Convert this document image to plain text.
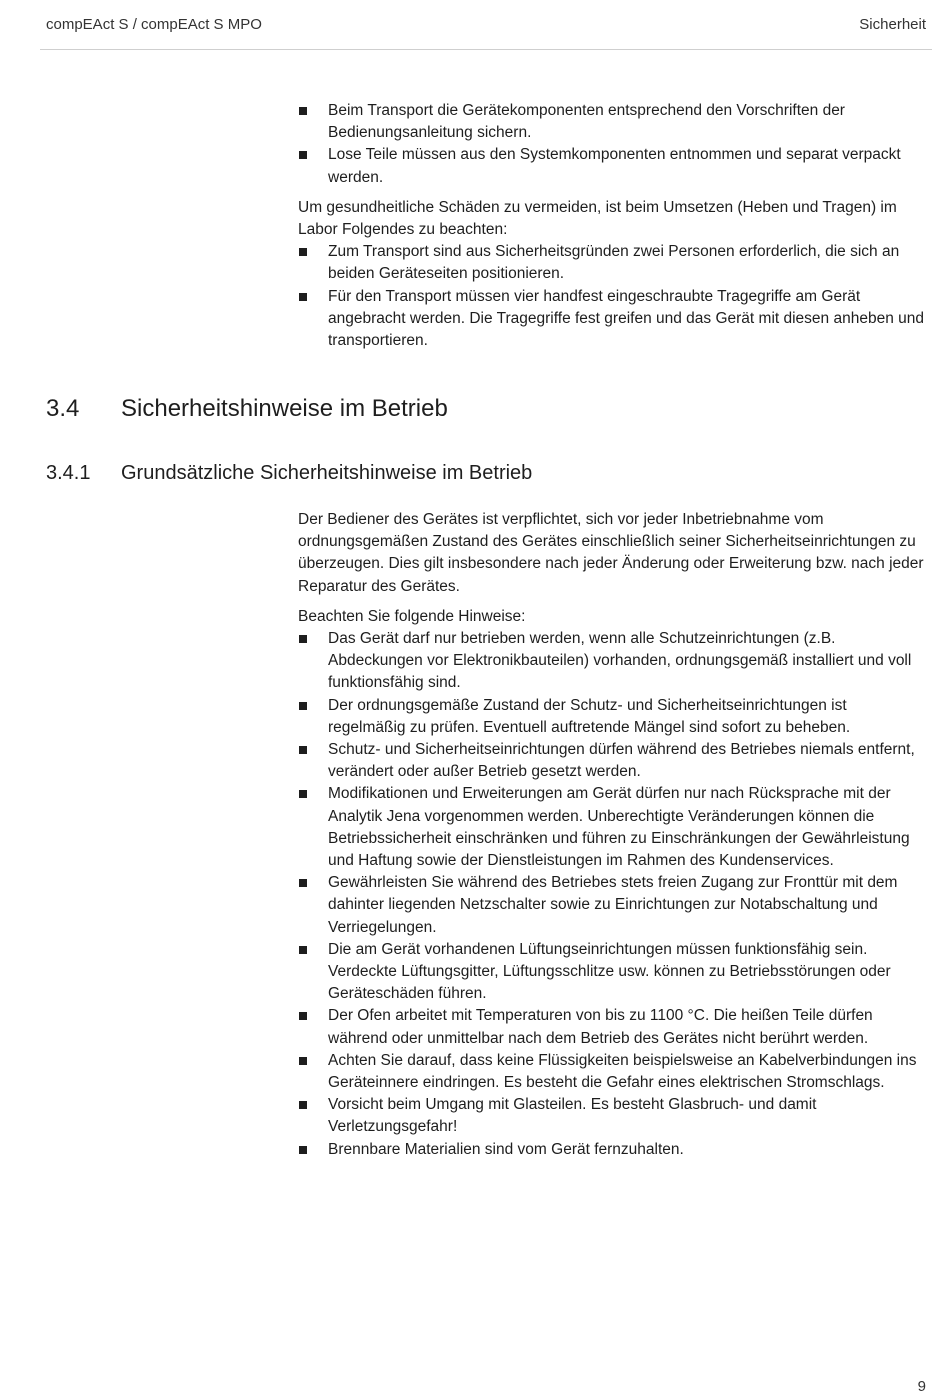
compEAct S / compEAct S MPO	Sicherheit
Beim Transport die Gerätekomponenten entsprechend den Vorschriften der Bedienungsanleitung sichern.
Lose Teile müssen aus den Systemkomponenten entnommen und separat verpackt werden.

Um gesundheitliche Schäden zu vermeiden, ist beim Umsetzen (Heben und Tragen) im Labor Folgendes zu beachten:

Zum Transport sind aus Sicherheitsgründen zwei Personen erforderlich, die sich an beiden Geräteseiten positionieren.
Für den Transport müssen vier handfest eingeschraubte Tragegriffe am Gerät angebracht werden. Die Tragegriffe fest greifen und das Gerät mit diesen anheben und transportieren.
3.4 Sicherheitshinweise im Betrieb
3.4.1 Grundsätzliche Sicherheitshinweise im Betrieb

Der Bediener des Gerätes ist verpflichtet, sich vor jeder Inbetriebnahme vom ordnungsgemäßen Zustand des Gerätes einschließlich seiner Sicherheitseinrichtungen zu überzeugen. Dies gilt insbesondere nach jeder Änderung oder Erweiterung bzw. nach jeder Reparatur des Gerätes.

Beachten Sie folgende Hinweise:

Das Gerät darf nur betrieben werden, wenn alle Schutzeinrichtungen (z.B. Abdeckungen vor Elektronikbauteilen) vorhanden, ordnungsgemäß installiert und voll funktionsfähig sind.
Der ordnungsgemäße Zustand der Schutz- und Sicherheitseinrichtungen ist regelmäßig zu prüfen. Eventuell auftretende Mängel sind sofort zu beheben.
Schutz- und Sicherheitseinrichtungen dürfen während des Betriebes niemals entfernt, verändert oder außer Betrieb gesetzt werden.
Modifikationen und Erweiterungen am Gerät dürfen nur nach Rücksprache mit der Analytik Jena vorgenommen werden. Unberechtigte Veränderungen können die Betriebssicherheit einschränken und führen zu Einschränkungen der Gewährleistung und Haftung sowie der Dienstleistungen im Rahmen des Kundenservices.
Gewährleisten Sie während des Betriebes stets freien Zugang zur Fronttür mit dem dahinter liegenden Netzschalter sowie zu Einrichtungen zur Notabschaltung und Verriegelungen.
Die am Gerät vorhandenen Lüftungseinrichtungen müssen funktionsfähig sein. Verdeckte Lüftungsgitter, Lüftungsschlitze usw. können zu Betriebsstörungen oder Geräteschäden führen.
Der Ofen arbeitet mit Temperaturen von bis zu 1100 °C. Die heißen Teile dürfen während oder unmittelbar nach dem Betrieb des Gerätes nicht berührt werden.
Achten Sie darauf, dass keine Flüssigkeiten beispielsweise an Kabelverbindungen ins Geräteinnere eindringen. Es besteht die Gefahr eines elektrischen Stromschlags.
Vorsicht beim Umgang mit Glasteilen. Es besteht Glasbruch- und damit Verletzungsgefahr!
Brennbare Materialien sind vom Gerät fernzuhalten.
9
